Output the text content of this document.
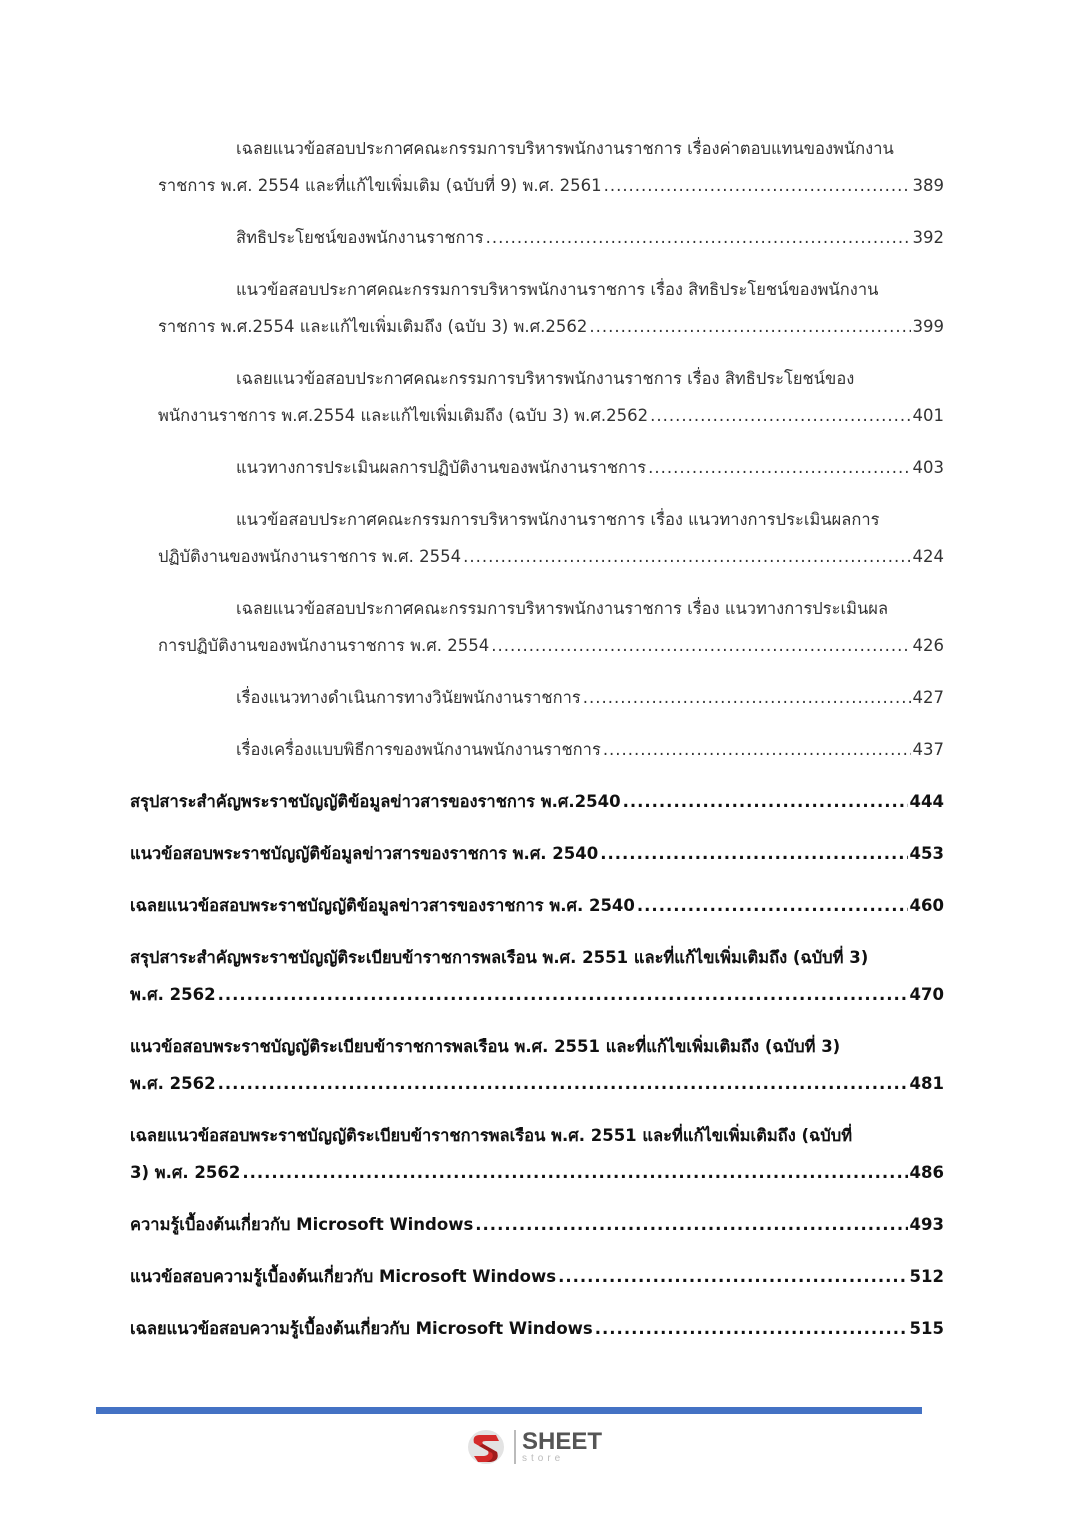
เฉลยแนวข้อสอบประกาศคณะกรรมการบริหารพนักงานราชการ เรื่องค่าตอบแทนของพนักงาน
ราชการ พ.ศ. 2554 และที่แก้ไขเพิ่มเติม (ฉบับที่ 9) พ.ศ. 2561 .....	389
สิทธิประโยชน์ของพนักงานราชการ .....	392
แนวข้อสอบประกาศคณะกรรมการบริหารพนักงานราชการ เรื่อง สิทธิประโยชน์ของพนักงาน
ราชการ พ.ศ.2554 และแก้ไขเพิ่มเติมถึง (ฉบับ 3) พ.ศ.2562 .....	399
เฉลยแนวข้อสอบประกาศคณะกรรมการบริหารพนักงานราชการ เรื่อง สิทธิประโยชน์ของ
พนักงานราชการ พ.ศ.2554 และแก้ไขเพิ่มเติมถึง (ฉบับ 3) พ.ศ.2562 .....	401
แนวทางการประเมินผลการปฏิบัติงานของพนักงานราชการ .....	403
แนวข้อสอบประกาศคณะกรรมการบริหารพนักงานราชการ เรื่อง แนวทางการประเมินผลการ
ปฏิบัติงานของพนักงานราชการ พ.ศ. 2554 .....	424
เฉลยแนวข้อสอบประกาศคณะกรรมการบริหารพนักงานราชการ เรื่อง แนวทางการประเมินผล
การปฏิบัติงานของพนักงานราชการ พ.ศ. 2554 .....	426
เรื่องแนวทางดำเนินการทางวินัยพนักงานราชการ .....	427
เรื่องเครื่องแบบพิธีการของพนักงานพนักงานราชการ .....	437
สรุปสาระสำคัญพระราชบัญญัติข้อมูลข่าวสารของราชการ พ.ศ.2540 .....	444
แนวข้อสอบพระราชบัญญัติข้อมูลข่าวสารของราชการ พ.ศ. 2540 .....	453
เฉลยแนวข้อสอบพระราชบัญญัติข้อมูลข่าวสารของราชการ พ.ศ. 2540 .....	460
สรุปสาระสำคัญพระราชบัญญัติระเบียบข้าราชการพลเรือน พ.ศ. 2551 และที่แก้ไขเพิ่มเติมถึง (ฉบับที่ 3)
พ.ศ. 2562 .....	470
แนวข้อสอบพระราชบัญญัติระเบียบข้าราชการพลเรือน พ.ศ. 2551 และที่แก้ไขเพิ่มเติมถึง (ฉบับที่ 3)
พ.ศ. 2562 .....	481
เฉลยแนวข้อสอบพระราชบัญญัติระเบียบข้าราชการพลเรือน พ.ศ. 2551 และที่แก้ไขเพิ่มเติมถึง (ฉบับที่
3) พ.ศ. 2562 .....	486
ความรู้เบื้องต้นเกี่ยวกับ Microsoft Windows .....	493
แนวข้อสอบความรู้เบื้องต้นเกี่ยวกับ Microsoft Windows .....	512
เฉลยแนวข้อสอบความรู้เบื้องต้นเกี่ยวกับ Microsoft Windows .....	515
SHEET
store
